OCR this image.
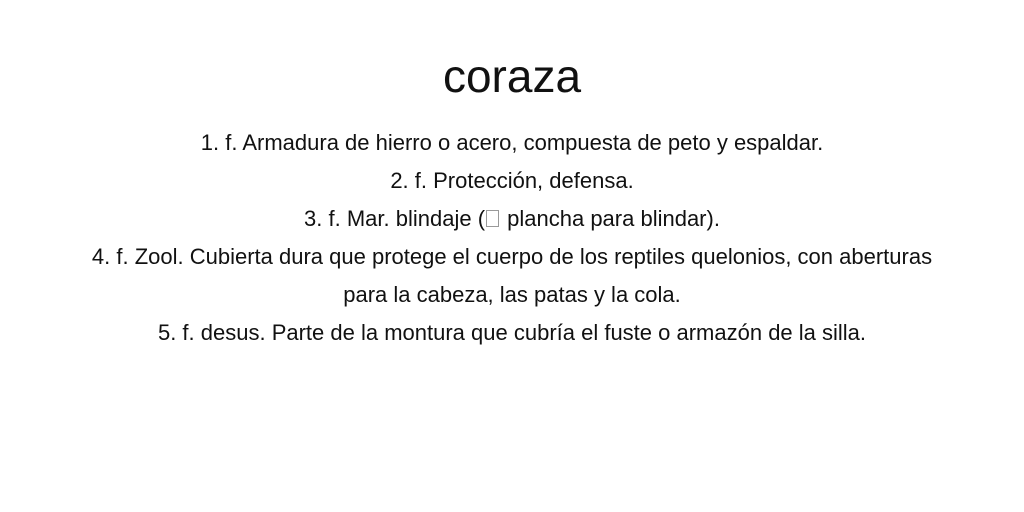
coraza

1. f. Armadura de hierro o acero, compuesta de peto y espaldar.

2. f. Protección, defensa.

3. f. Mar. blindaje ( plancha para blindar).

4. f. Zool. Cubierta dura que protege el cuerpo de los reptiles quelonios, con aberturas para la cabeza, las patas y la cola.

5. f. desus. Parte de la montura que cubría el fuste o armazón de la silla.
